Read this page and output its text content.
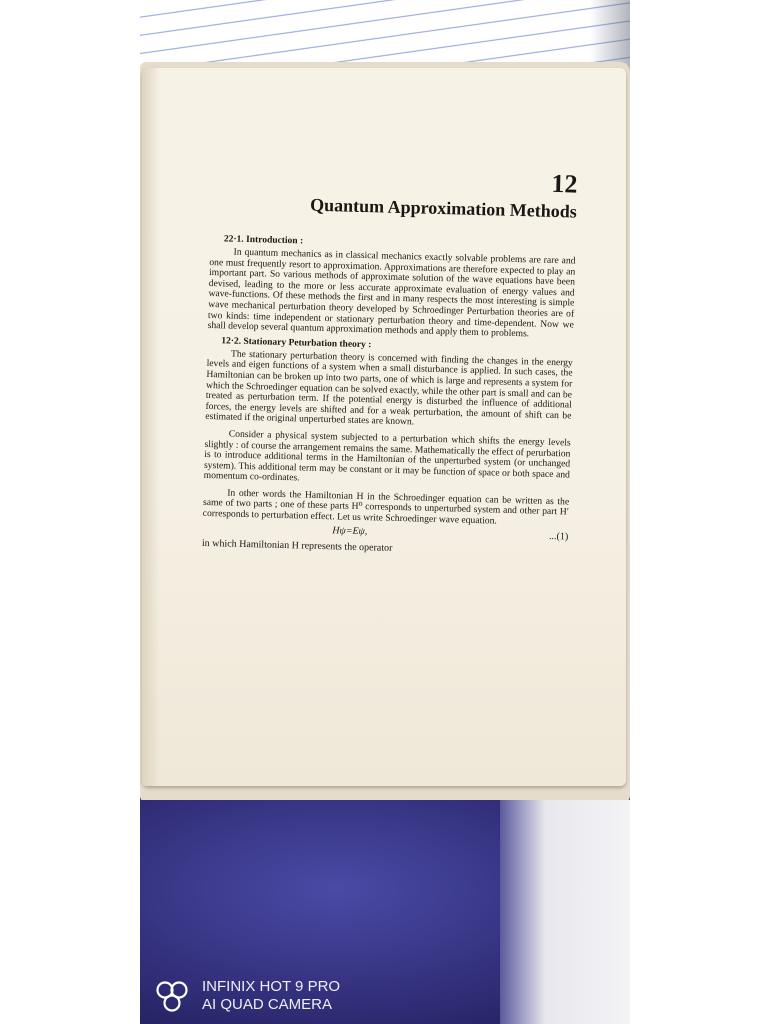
12
Quantum Approximation Methods
22·1. Introduction :

In quantum mechanics as in classical mechanics exactly solvable problems are rare and one must frequently resort to approximation. Approximations are therefore expected to play an important part. So various methods of approximate solution of the wave equations have been devised, leading to the more or less accurate approximate evaluation of energy values and wave-functions. Of these methods the first and in many respects the most interesting is simple wave mechanical perturbation theory developed by Schroedinger Perturbation theories are of two kinds: time independent or stationary perturbation theory and time-dependent. Now we shall develop several quantum approximation methods and apply them to problems.

12·2. Stationary Peturbation theory :

The stationary perturbation theory is concerned with finding the changes in the energy levels and eigen functions of a system when a small disturbance is applied. In such cases, the Hamiltonian can be broken up into two parts, one of which is large and represents a system for which the Schroedinger equation can be solved exactly, while the other part is small and can be treated as perturbation term. If the potential energy is disturbed the influence of additional forces, the energy levels are shifted and for a weak perturbation, the amount of shift can be estimated if the original unperturbed states are known.

Consider a physical system subjected to a perturbation which shifts the energy levels slightly : of course the arrangement remains the same. Mathematically the effect of perurbation is to introduce additional terms in the Hamiltonian of the unperturbed system (or unchanged system). This additional term may be constant or it may be function of space or both space and momentum co-ordinates.

In other words the Hamiltonian H in the Schroedinger equation can be written as the same of two parts ; one of these parts H⁰ corresponds to unperturbed system and other part H′ corresponds to perturbation effect. Let us write Schroedinger wave equation.

Hψ=Eψ,	...(1)
in which Hamiltonian H represents the operator
INFINIX HOT 9 PRO
AI QUAD CAMERA
